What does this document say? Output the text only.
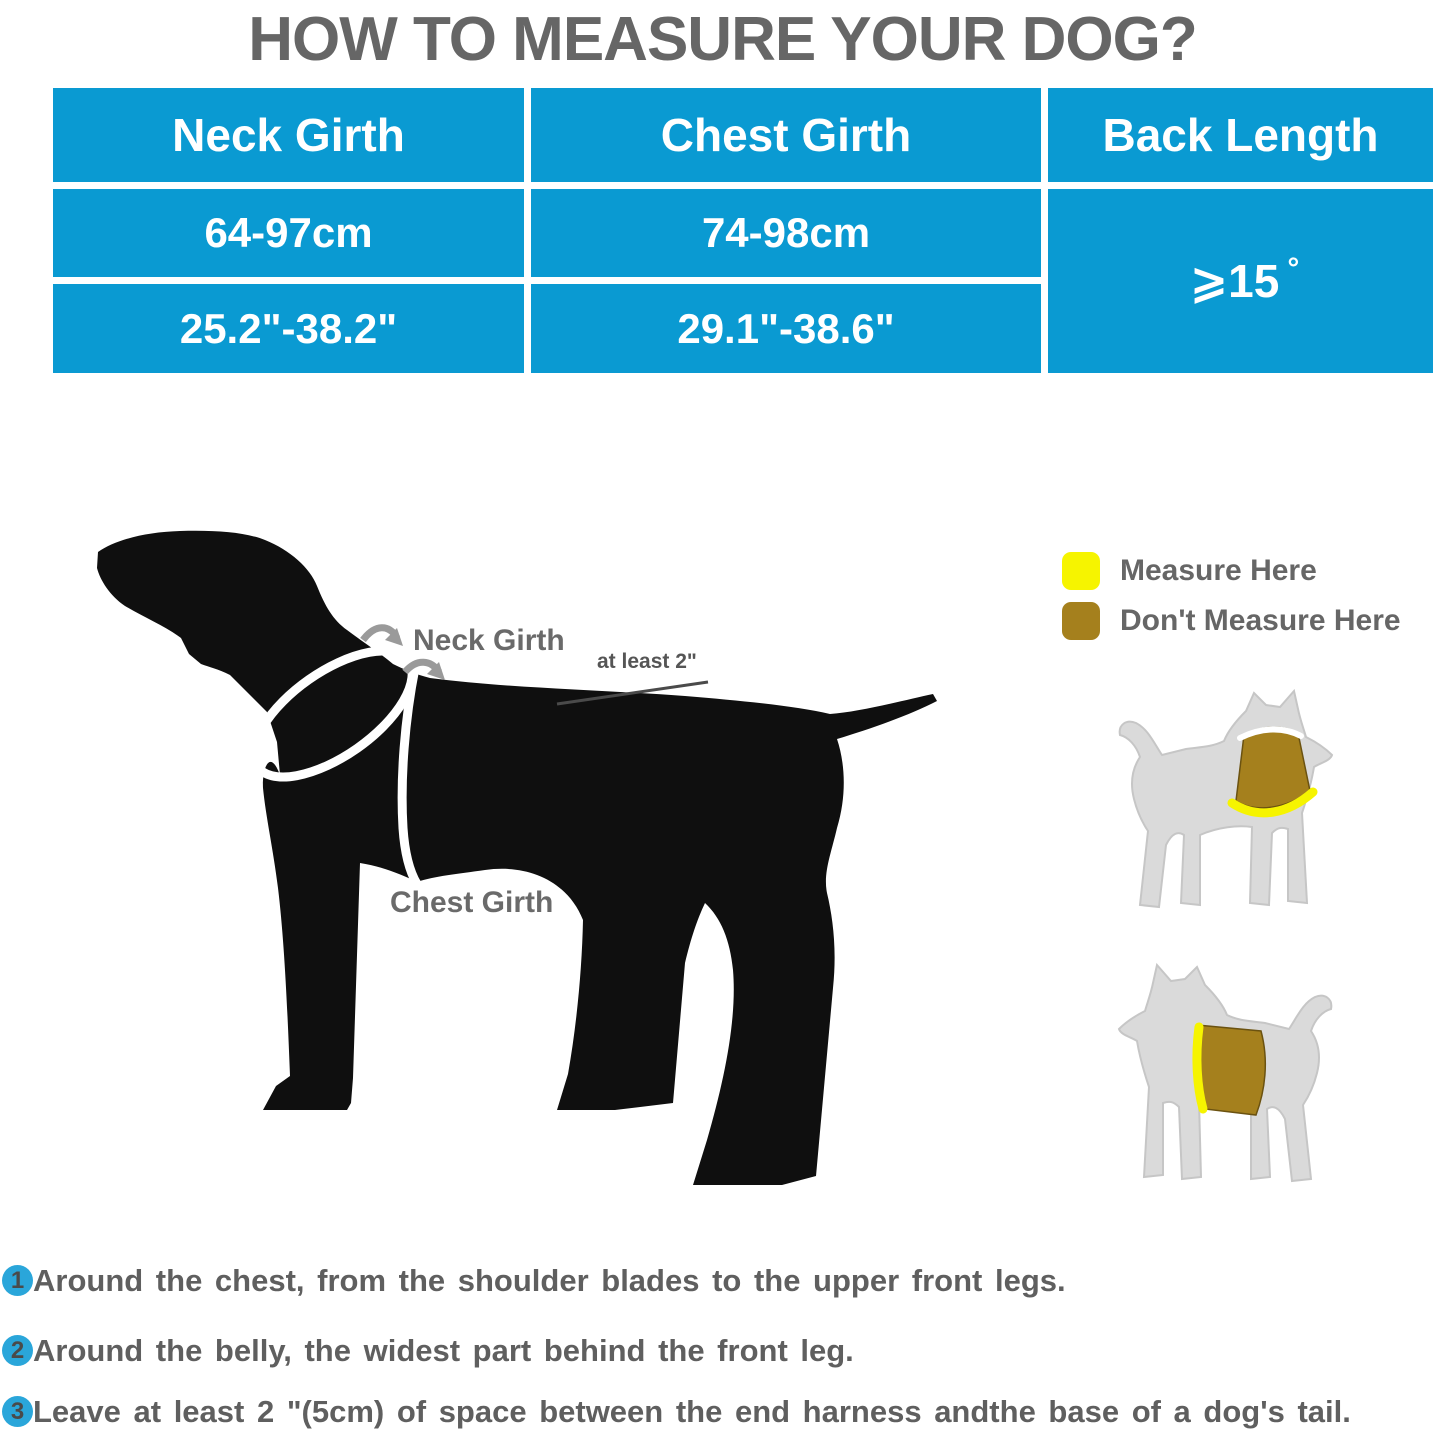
HOW TO MEASURE YOUR DOG?
Neck Girth	Chest Girth	Back Length
64-97cm	74-98cm
⩾15 °
25.2"-38.2"	29.1"-38.6"
Neck Girth
at least 2"
Chest Girth
Measure Here
Don't Measure Here
1 Around the chest, from the shoulder blades to the upper front legs.
2 Around the belly, the widest part behind the front leg.
3 Leave at least 2 "(5cm) of space between the end harness andthe base of a dog's tail.
